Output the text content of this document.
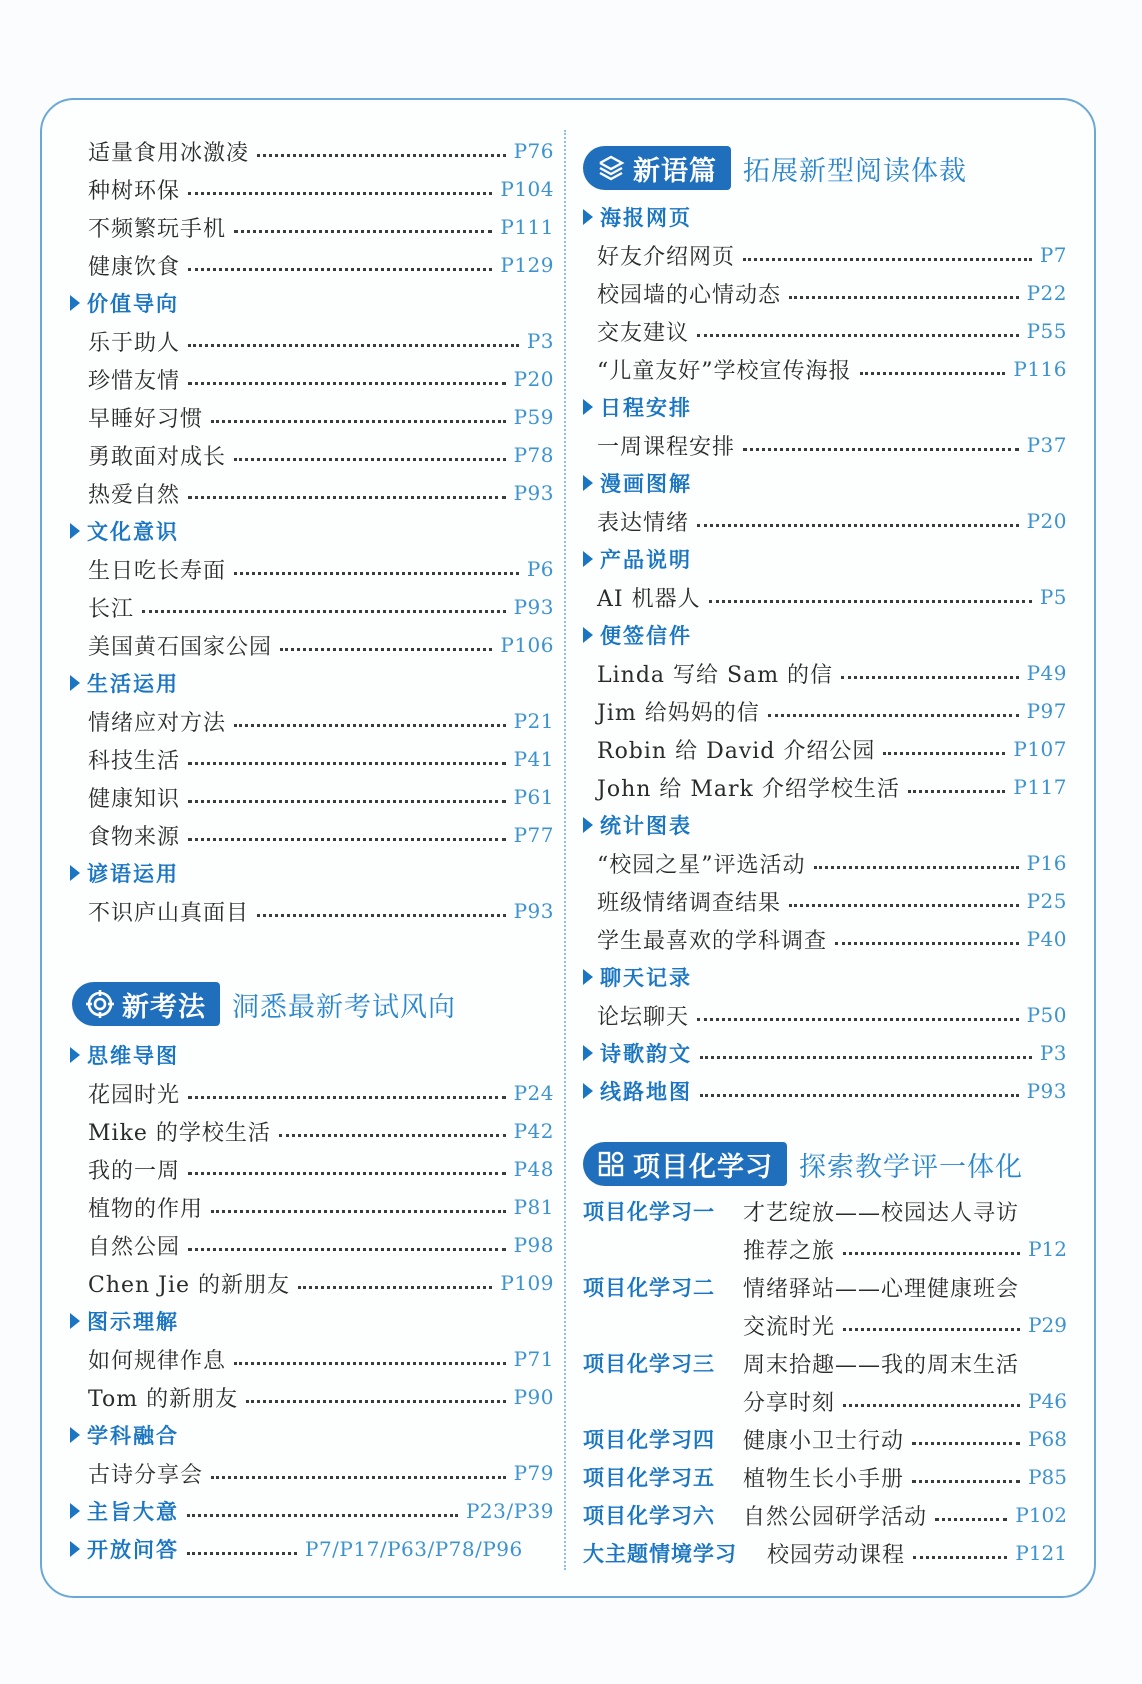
适量食用冰激凌	P76
种树环保	P104
不频繁玩手机	P111
健康饮食	P129
价值导向
乐于助人	P3
珍惜友情	P20
早睡好习惯	P59
勇敢面对成长	P78
热爱自然	P93
文化意识
生日吃长寿面	P6
长江	P93
美国黄石国家公园	P106
生活运用
情绪应对方法	P21
科技生活	P41
健康知识	P61
食物来源	P77
谚语运用
不识庐山真面目	P93
新考法 洞悉最新考试风向
思维导图
花园时光	P24
Mike 的学校生活	P42
我的一周	P48
植物的作用	P81
自然公园	P98
Chen Jie 的新朋友	P109
图示理解
如何规律作息	P71
Tom 的新朋友	P90
学科融合
古诗分享会	P79
主旨大意	P23/P39
开放问答	P7/P17/P63/P78/P96
新语篇 拓展新型阅读体裁
海报网页
好友介绍网页	P7
校园墙的心情动态	P22
交友建议	P55
“儿童友好”学校宣传海报	P116
日程安排
一周课程安排	P37
漫画图解
表达情绪	P20
产品说明
AI 机器人	P5
便签信件
Linda 写给 Sam 的信	P49
Jim 给妈妈的信	P97
Robin 给 David 介绍公园	P107
John 给 Mark 介绍学校生活	P117
统计图表
“校园之星”评选活动	P16
班级情绪调查结果	P25
学生最喜欢的学科调查	P40
聊天记录
论坛聊天	P50
诗歌韵文	P3
线路地图	P93
项目化学习 探索教学评一体化
项目化学习一	才艺绽放——校园达人寻访
推荐之旅	P12
项目化学习二	情绪驿站——心理健康班会
交流时光	P29
项目化学习三	周末拾趣——我的周末生活
分享时刻	P46
项目化学习四	健康小卫士行动	P68
项目化学习五	植物生长小手册	P85
项目化学习六	自然公园研学活动	P102
大主题情境学习	校园劳动课程	P121
